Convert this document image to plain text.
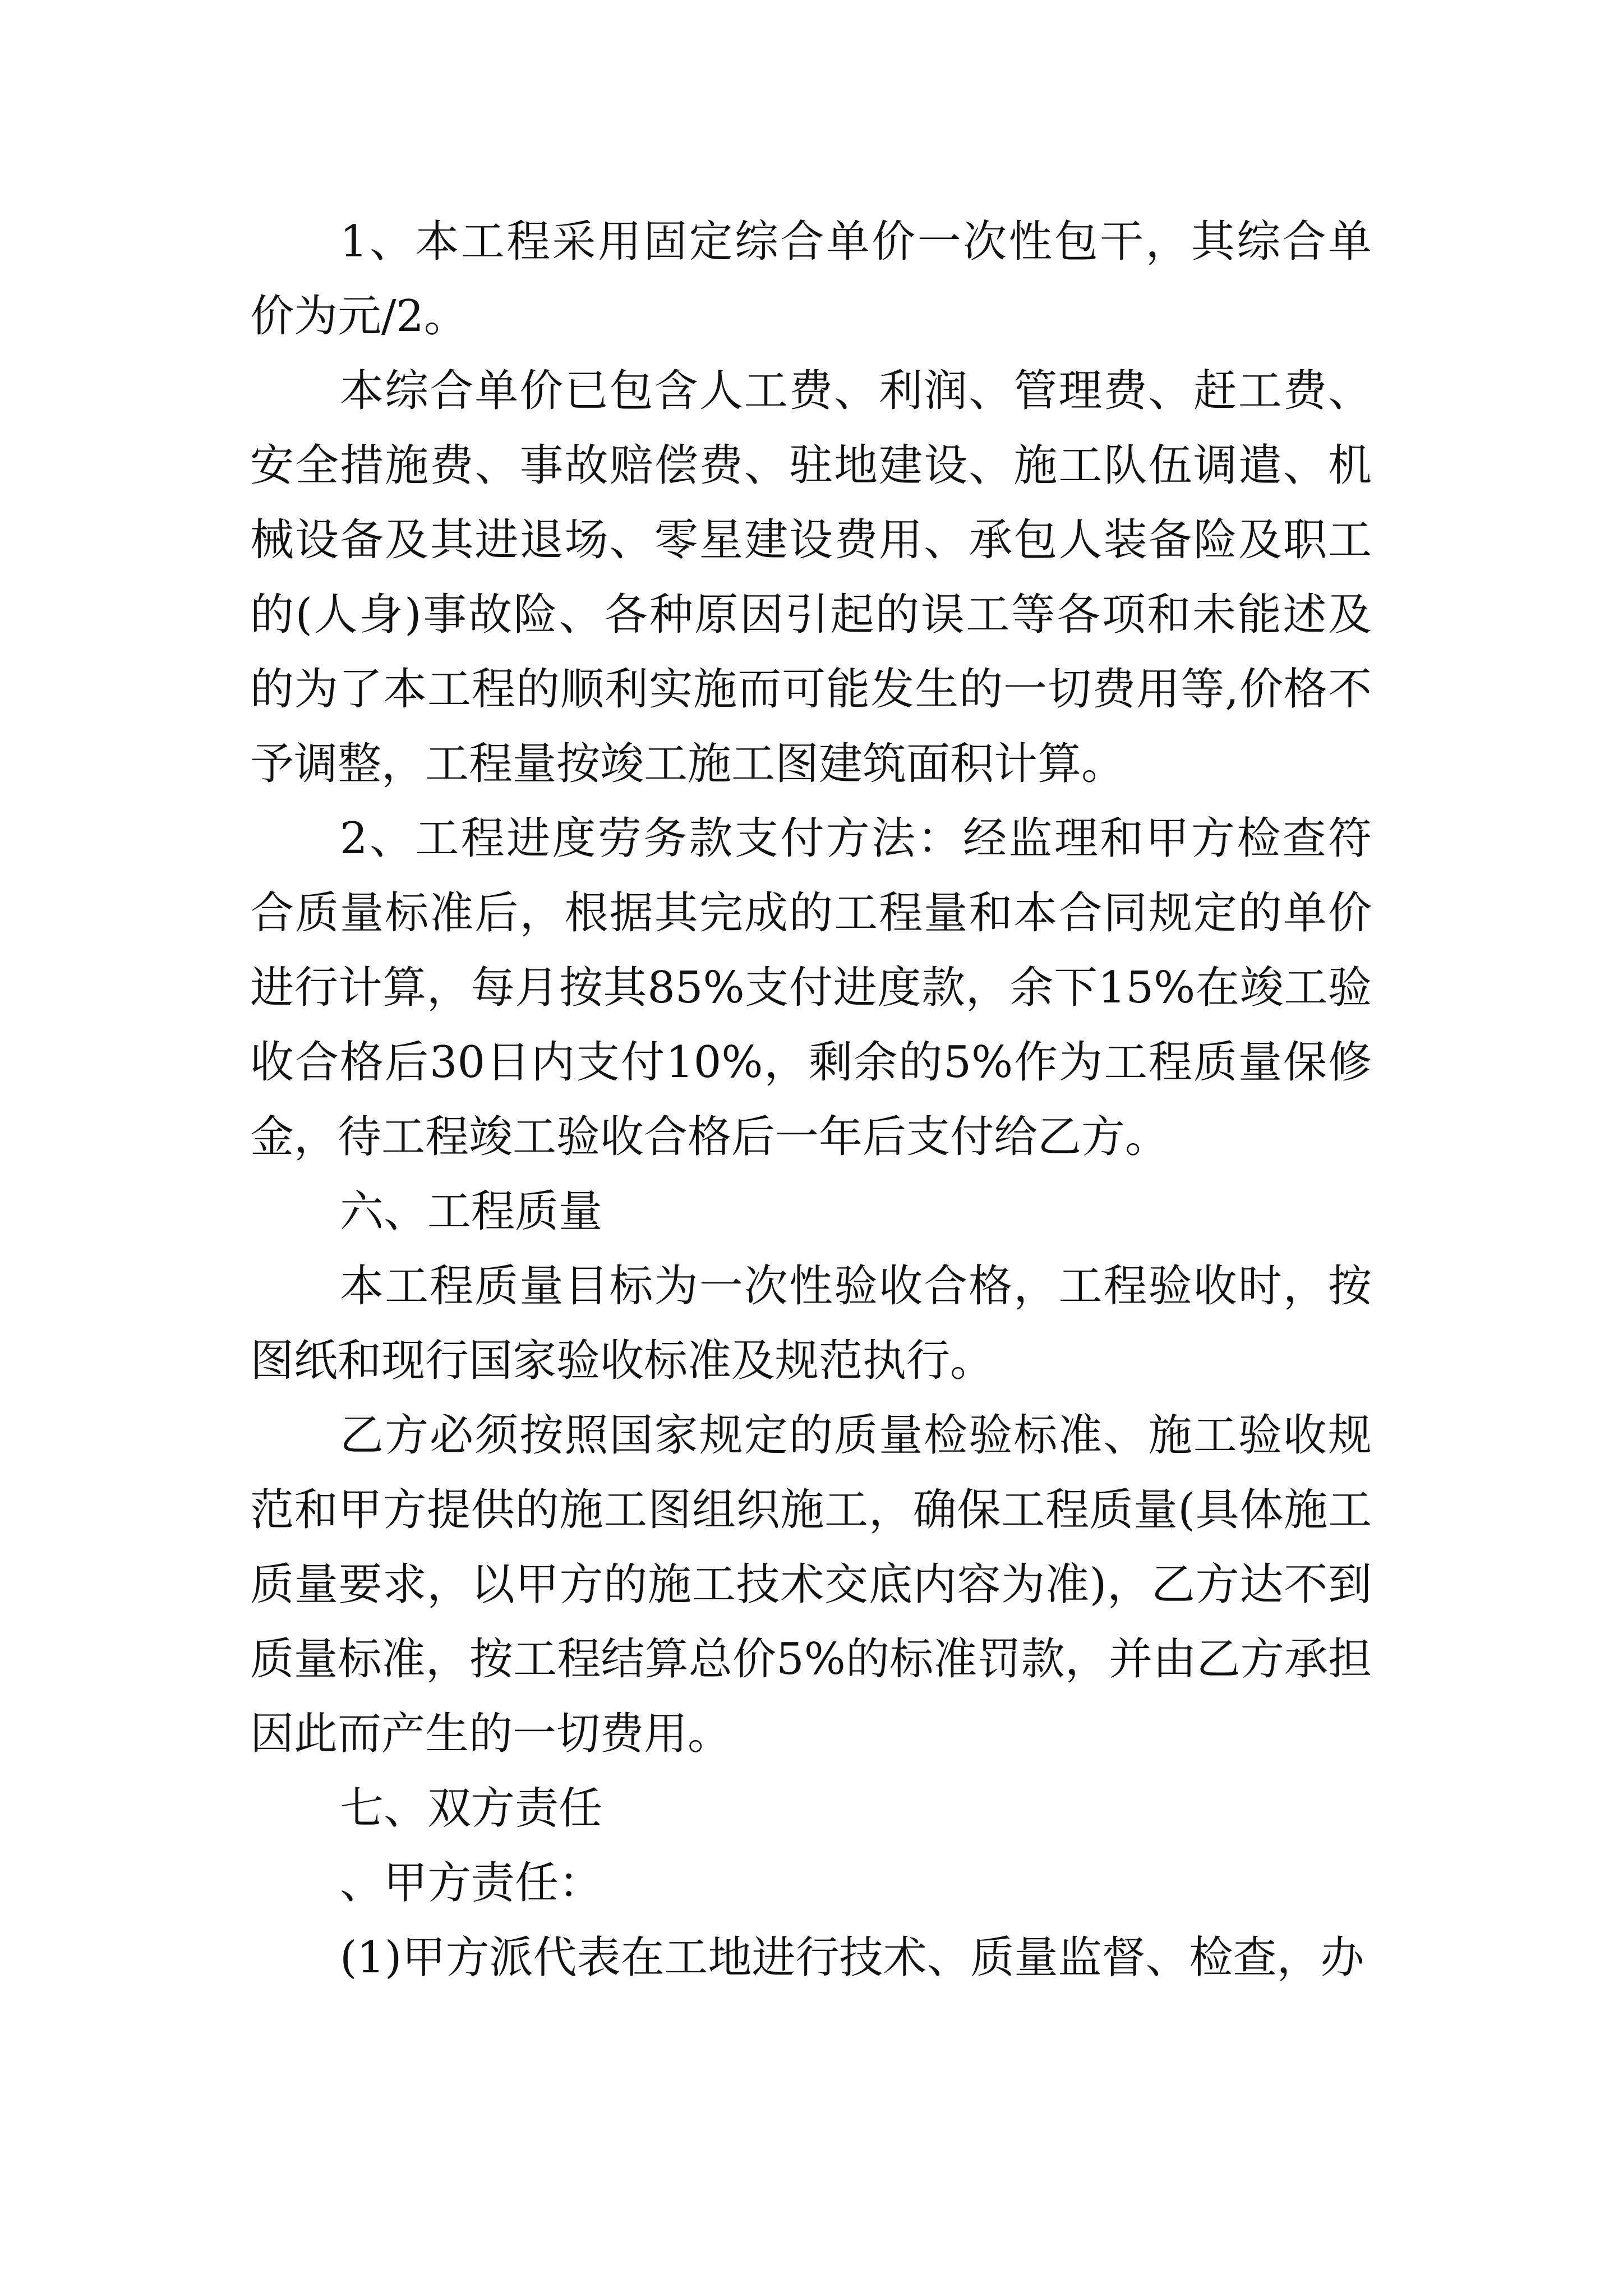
1、本工程采用固定综合单价一次性包干，其综合单价为元/2。

本综合单价已包含人工费、利润、管理费、赶工费、安全措施费、事故赔偿费、驻地建设、施工队伍调遣、机械设备及其进退场、零星建设费用、承包人装备险及职工的(人身)事故险、各种原因引起的误工等各项和未能述及的为了本工程的顺利实施而可能发生的一切费用等,价格不予调整，工程量按竣工施工图建筑面积计算。

2、工程进度劳务款支付方法：经监理和甲方检查符合质量标准后，根据其完成的工程量和本合同规定的单价进行计算，每月按其85%支付进度款，余下15%在竣工验收合格后30日内支付10%，剩余的5%作为工程质量保修金，待工程竣工验收合格后一年后支付给乙方。

六、工程质量

本工程质量目标为一次性验收合格，工程验收时，按图纸和现行国家验收标准及规范执行。

乙方必须按照国家规定的质量检验标准、施工验收规范和甲方提供的施工图组织施工，确保工程质量(具体施工质量要求，以甲方的施工技术交底内容为准)，乙方达不到质量标准，按工程结算总价5%的标准罚款，并由乙方承担因此而产生的一切费用。

七、双方责任

、甲方责任：

(1)甲方派代表在工地进行技术、质量监督、检查，办
